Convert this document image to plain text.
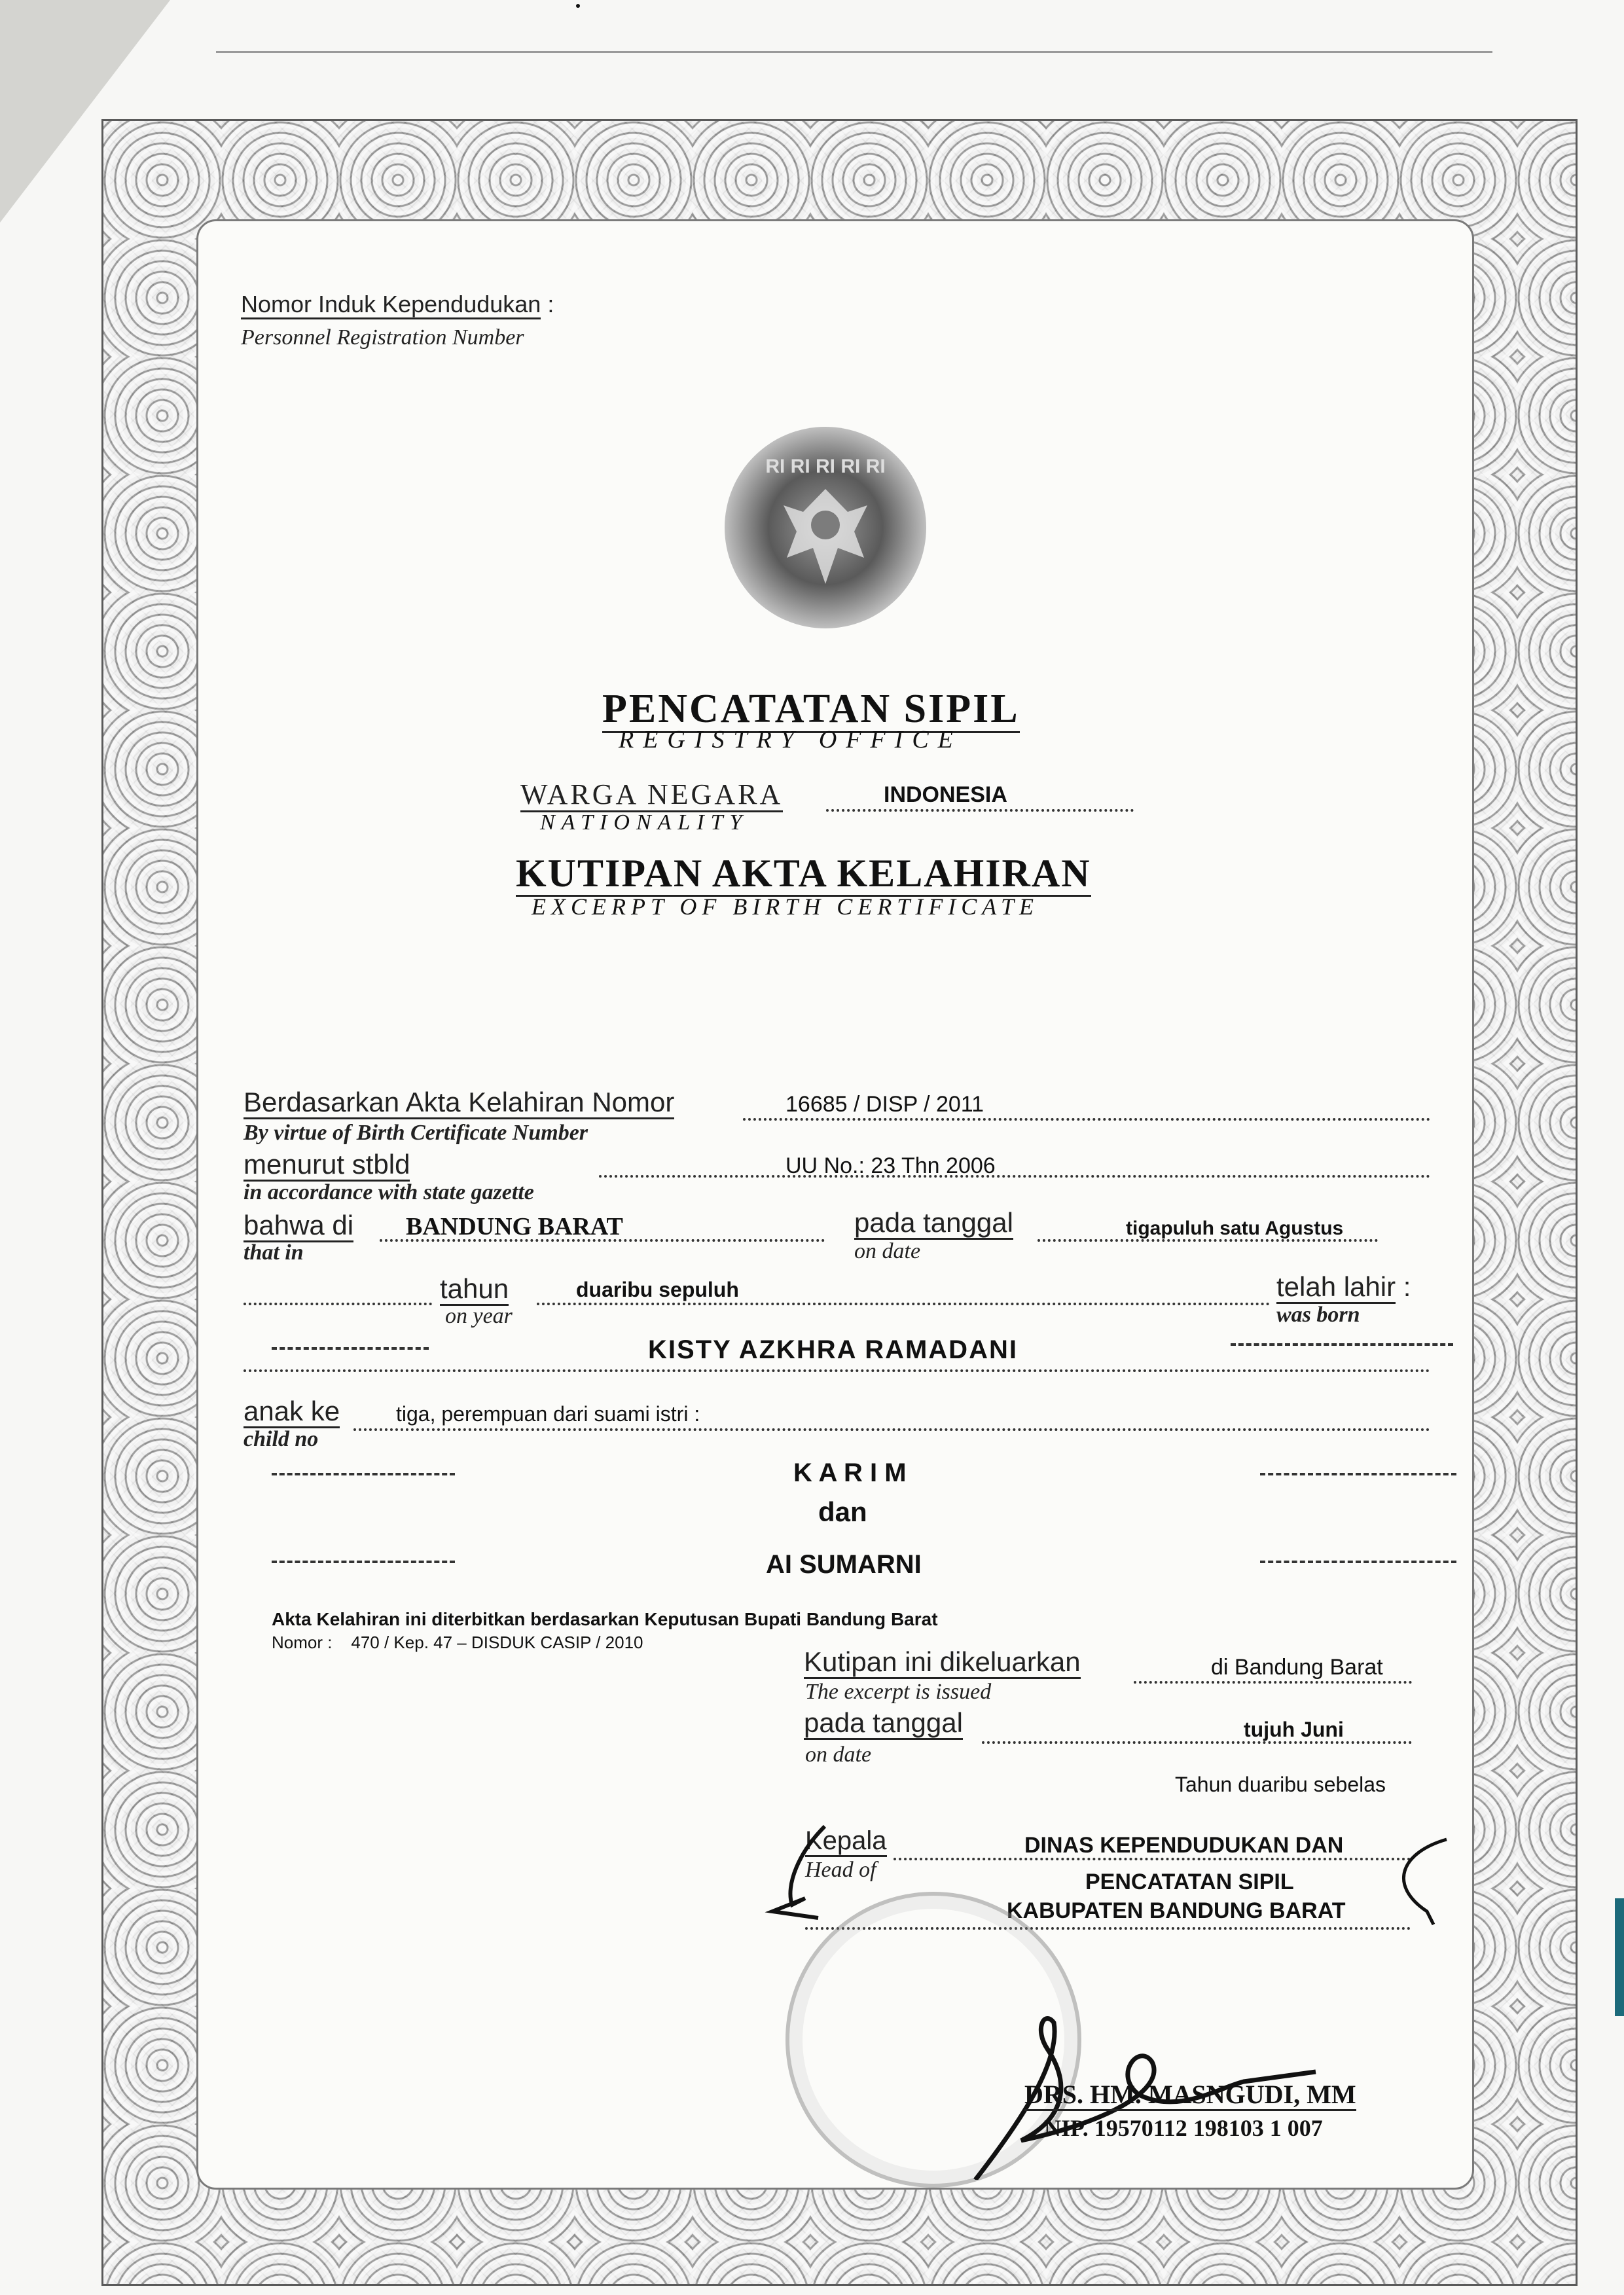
Nomor Induk Kependudukan :
Personnel Registration Number
RI RI RI RI RI
PENCATATAN SIPIL
REGISTRY OFFICE
WARGA NEGARA
NATIONALITY
INDONESIA
KUTIPAN AKTA KELAHIRAN
EXCERPT OF BIRTH CERTIFICATE
Berdasarkan Akta Kelahiran Nomor
By virtue of Birth Certificate Number
16685 / DISP / 2011
menurut stbld
in accordance with state gazette
UU No.: 23 Thn 2006
bahwa di
that in
BANDUNG BARAT	pada tanggal
on date
tigapuluh satu Agustus
tahun
on year
duaribu sepuluh	telah lahir :
was born
KISTY AZKHRA RAMADANI
anak ke
child no
tiga, perempuan dari suami istri :
K A R I M
dan
AI SUMARNI
Akta Kelahiran ini diterbitkan berdasarkan Keputusan Bupati Bandung Barat
Nomor : 470 / Kep. 47 – DISDUK CASIP / 2010
Kutipan ini dikeluarkan
The excerpt is issued
di Bandung Barat
pada tanggal
on date
tujuh Juni
Tahun duaribu sebelas
Kepala
Head of
DINAS KEPENDUDUKAN DAN
PENCATATAN SIPIL
KABUPATEN BANDUNG BARAT
DRS. HM. MASNGUDI, MM
NIP. 19570112 198103 1 007
